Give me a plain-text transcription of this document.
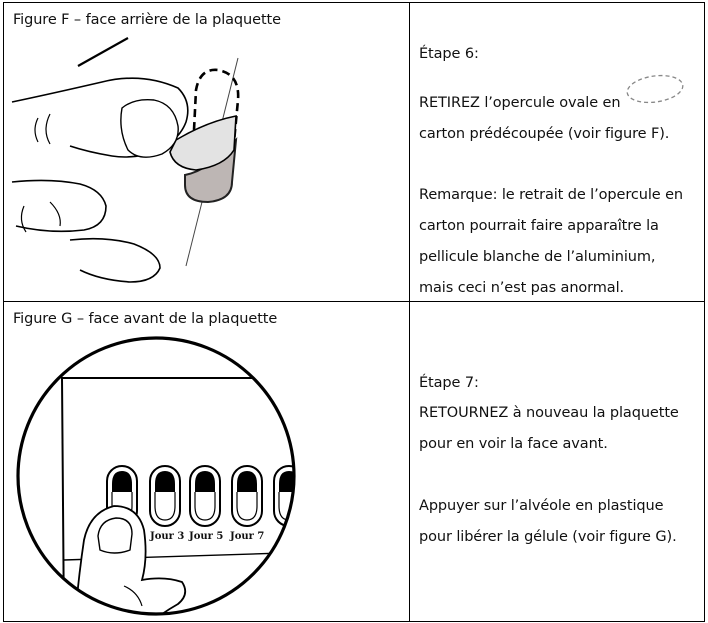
Figure F – face arrière de la plaquette
Étape 6:
RETIREZ l’opercule ovale en
carton prédécoupée (voir figure F).
Remarque: le retrait de l’opercule en
carton pourrait faire apparaître la
pellicule blanche de l’aluminium,
mais ceci n’est pas anormal.
Figure G – face avant de la plaquette
Jour 3 Jour 5 Jour 7
Étape 7:
RETOURNEZ à nouveau la plaquette
pour en voir la face avant.
Appuyer sur l’alvéole en plastique
pour libérer la gélule (voir figure G).
